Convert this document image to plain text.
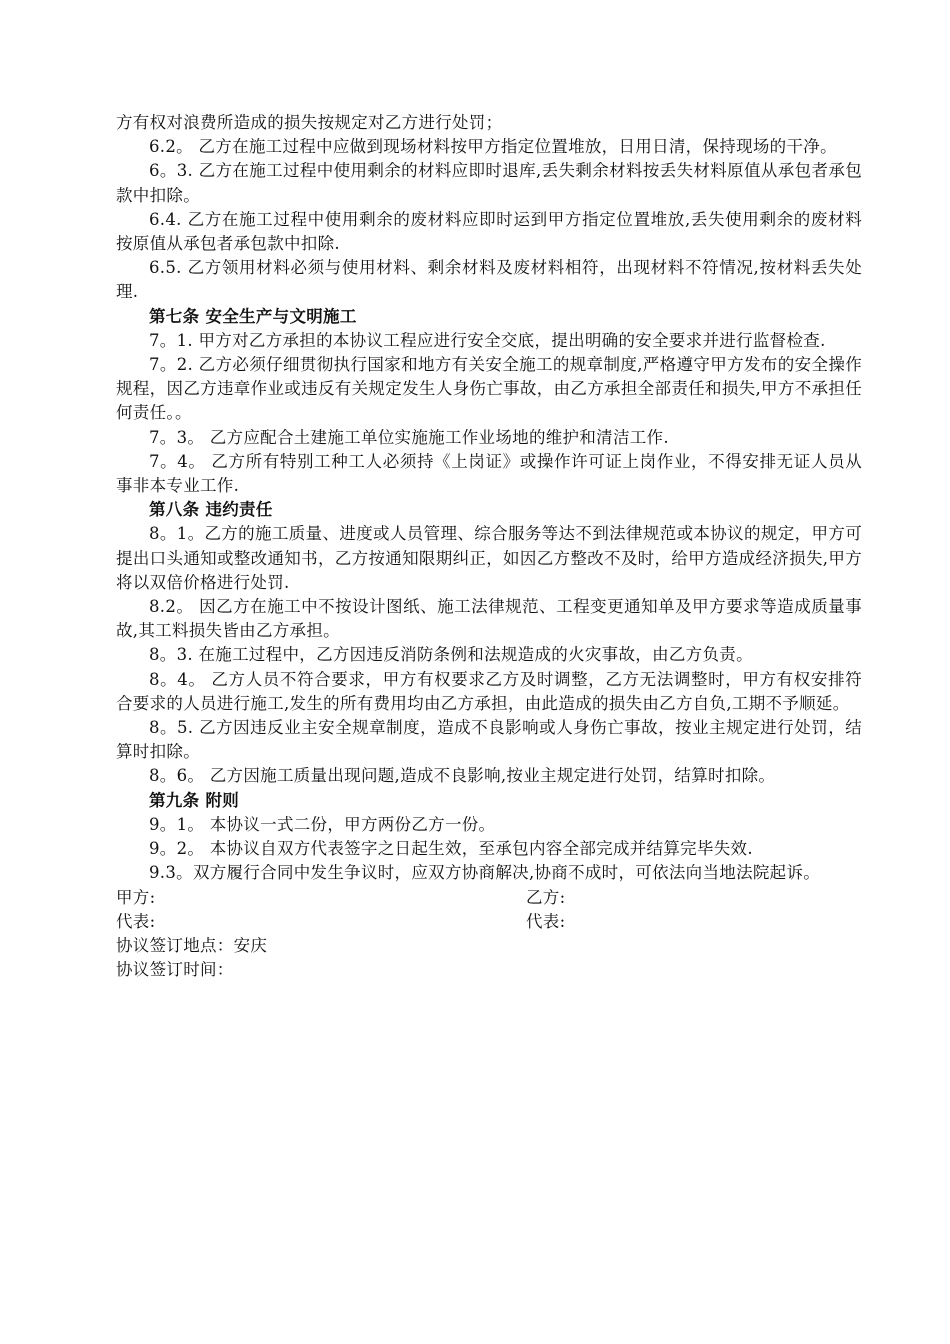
方有权对浪费所造成的损失按规定对乙方进行处罚；

6.2。 乙方在施工过程中应做到现场材料按甲方指定位置堆放，日用日清，保持现场的干净。

6。3. 乙方在施工过程中使用剩余的材料应即时退库,丢失剩余材料按丢失材料原值从承包者承包款中扣除。

6.4. 乙方在施工过程中使用剩余的废材料应即时运到甲方指定位置堆放,丢失使用剩余的废材料按原值从承包者承包款中扣除.

6.5. 乙方领用材料必须与使用材料、剩余材料及废材料相符，出现材料不符情况,按材料丢失处理.

第七条 安全生产与文明施工

7。1. 甲方对乙方承担的本协议工程应进行安全交底，提出明确的安全要求并进行监督检查.

7。2. 乙方必须仔细贯彻执行国家和地方有关安全施工的规章制度,严格遵守甲方发布的安全操作规程，因乙方违章作业或违反有关规定发生人身伤亡事故，由乙方承担全部责任和损失,甲方不承担任何责任。。

7。3。 乙方应配合土建施工单位实施施工作业场地的维护和清洁工作.

7。4。 乙方所有特别工种工人必须持《上岗证》或操作许可证上岗作业，不得安排无证人员从事非本专业工作.

第八条 违约责任

8。1。乙方的施工质量、进度或人员管理、综合服务等达不到法律规范或本协议的规定，甲方可提出口头通知或整改通知书，乙方按通知限期纠正，如因乙方整改不及时，给甲方造成经济损失,甲方将以双倍价格进行处罚.

8.2。 因乙方在施工中不按设计图纸、施工法律规范、工程变更通知单及甲方要求等造成质量事故,其工料损失皆由乙方承担。

8。3. 在施工过程中，乙方因违反消防条例和法规造成的火灾事故，由乙方负责。

8。4。 乙方人员不符合要求，甲方有权要求乙方及时调整，乙方无法调整时，甲方有权安排符合要求的人员进行施工,发生的所有费用均由乙方承担，由此造成的损失由乙方自负,工期不予顺延。

8。5. 乙方因违反业主安全规章制度，造成不良影响或人身伤亡事故，按业主规定进行处罚，结算时扣除。

8。6。 乙方因施工质量出现问题,造成不良影响,按业主规定进行处罚，结算时扣除。

第九条 附则

9。1。 本协议一式二份，甲方两份乙方一份。

9。2。 本协议自双方代表签字之日起生效，至承包内容全部完成并结算完毕失效.

9.3。双方履行合同中发生争议时，应双方协商解决,协商不成时，可依法向当地法院起诉。

甲方:	乙方:
代表:	代表:

协议签订地点：安庆

协议签订时间：
